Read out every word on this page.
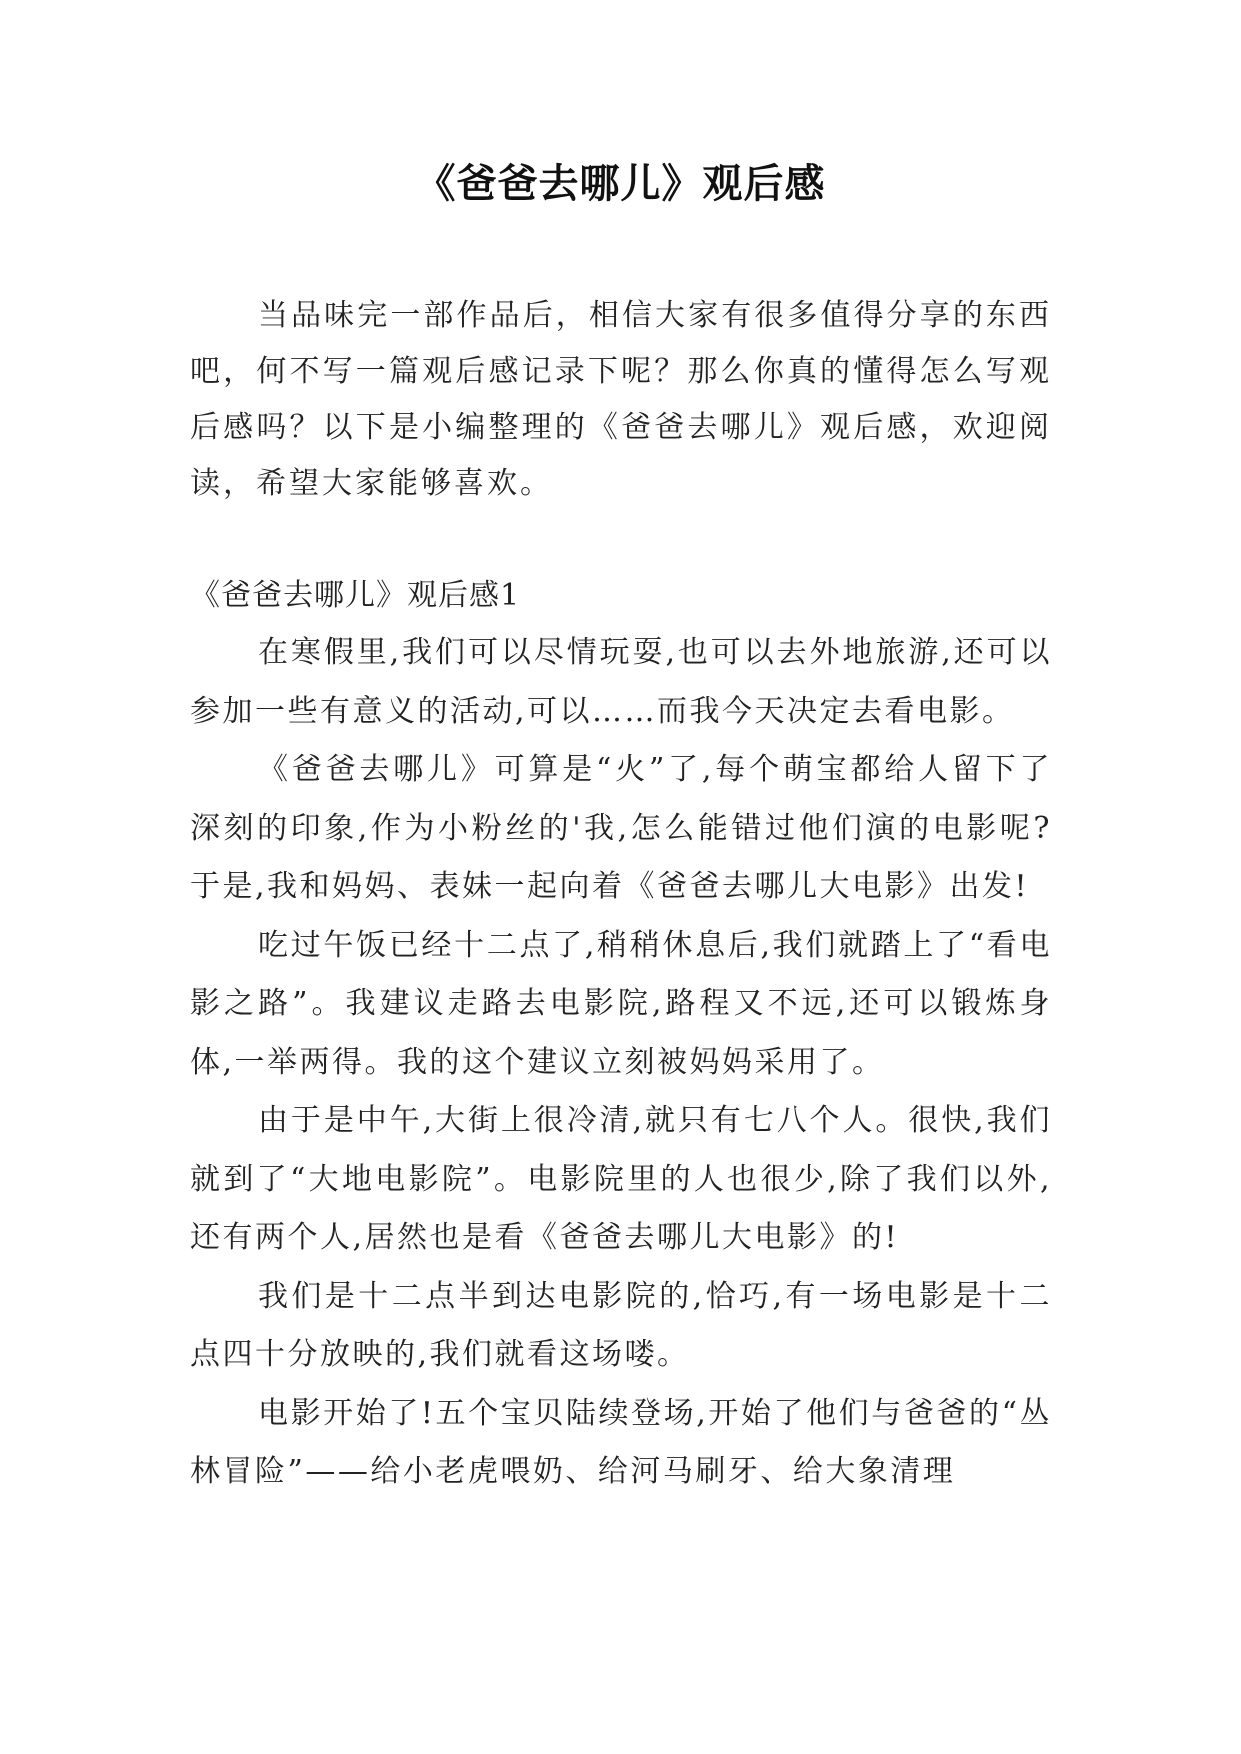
《爸爸去哪儿》观后感

当品味完一部作品后，相信大家有很多值得分享的东西吧，何不写一篇观后感记录下呢？那么你真的懂得怎么写观后感吗？以下是小编整理的《爸爸去哪儿》观后感，欢迎阅读，希望大家能够喜欢。

《爸爸去哪儿》观后感1

在寒假里,我们可以尽情玩耍,也可以去外地旅游,还可以参加一些有意义的活动,可以……而我今天决定去看电影。

《爸爸去哪儿》可算是“火”了,每个萌宝都给人留下了深刻的印象,作为小粉丝的'我,怎么能错过他们演的电影呢?于是,我和妈妈、表妹一起向着《爸爸去哪儿大电影》出发!

吃过午饭已经十二点了,稍稍休息后,我们就踏上了“看电影之路”。我建议走路去电影院,路程又不远,还可以锻炼身体,一举两得。我的这个建议立刻被妈妈采用了。

由于是中午,大街上很冷清,就只有七八个人。很快,我们就到了“大地电影院”。电影院里的人也很少,除了我们以外,还有两个人,居然也是看《爸爸去哪儿大电影》的!

我们是十二点半到达电影院的,恰巧,有一场电影是十二点四十分放映的,我们就看这场喽。

电影开始了!五个宝贝陆续登场,开始了他们与爸爸的“丛林冒险”——给小老虎喂奶、给河马刷牙、给大象清理
